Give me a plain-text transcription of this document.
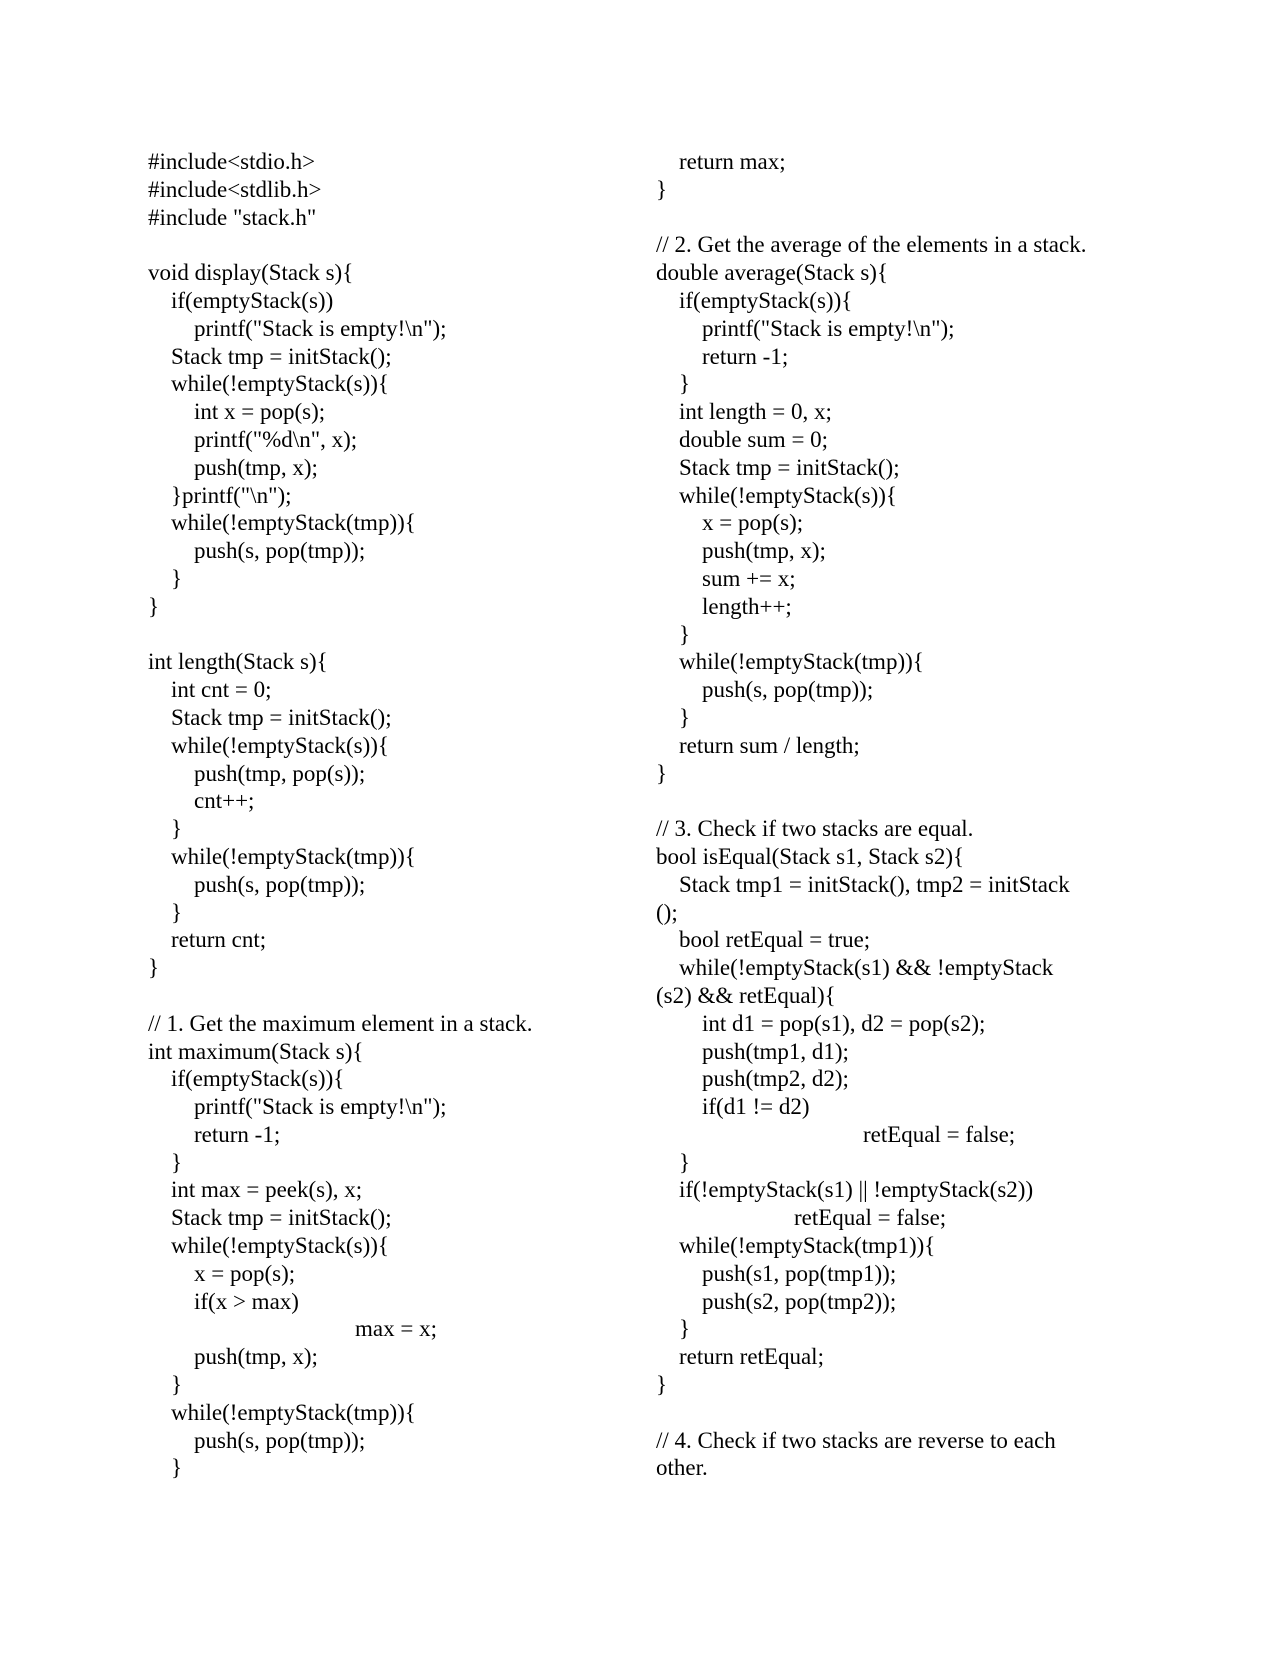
#include<stdio.h>
#include<stdlib.h>
#include "stack.h"
void display(Stack s){
if(emptyStack(s))
printf("Stack is empty!\n");
Stack tmp = initStack();
while(!emptyStack(s)){
int x = pop(s);
printf("%d\n", x);
push(tmp, x);
}printf("\n");
while(!emptyStack(tmp)){
push(s, pop(tmp));
}
}
int length(Stack s){
int cnt = 0;
Stack tmp = initStack();
while(!emptyStack(s)){
push(tmp, pop(s));
cnt++;
}
while(!emptyStack(tmp)){
push(s, pop(tmp));
}
return cnt;
}
// 1. Get the maximum element in a stack.
int maximum(Stack s){
if(emptyStack(s)){
printf("Stack is empty!\n");
return -1;
}
int max = peek(s), x;
Stack tmp = initStack();
while(!emptyStack(s)){
x = pop(s);
if(x > max)
max = x;
push(tmp, x);
}
while(!emptyStack(tmp)){
push(s, pop(tmp));
}
return max;
}
// 2. Get the average of the elements in a stack.
double average(Stack s){
if(emptyStack(s)){
printf("Stack is empty!\n");
return -1;
}
int length = 0, x;
double sum = 0;
Stack tmp = initStack();
while(!emptyStack(s)){
x = pop(s);
push(tmp, x);
sum += x;
length++;
}
while(!emptyStack(tmp)){
push(s, pop(tmp));
}
return sum / length;
}
// 3. Check if two stacks are equal.
bool isEqual(Stack s1, Stack s2){
Stack tmp1 = initStack(), tmp2 = initStack
();
bool retEqual = true;
while(!emptyStack(s1) && !emptyStack
(s2) && retEqual){
int d1 = pop(s1), d2 = pop(s2);
push(tmp1, d1);
push(tmp2, d2);
if(d1 != d2)
retEqual = false;
}
if(!emptyStack(s1) || !emptyStack(s2))
retEqual = false;
while(!emptyStack(tmp1)){
push(s1, pop(tmp1));
push(s2, pop(tmp2));
}
return retEqual;
}
// 4. Check if two stacks are reverse to each
other.
